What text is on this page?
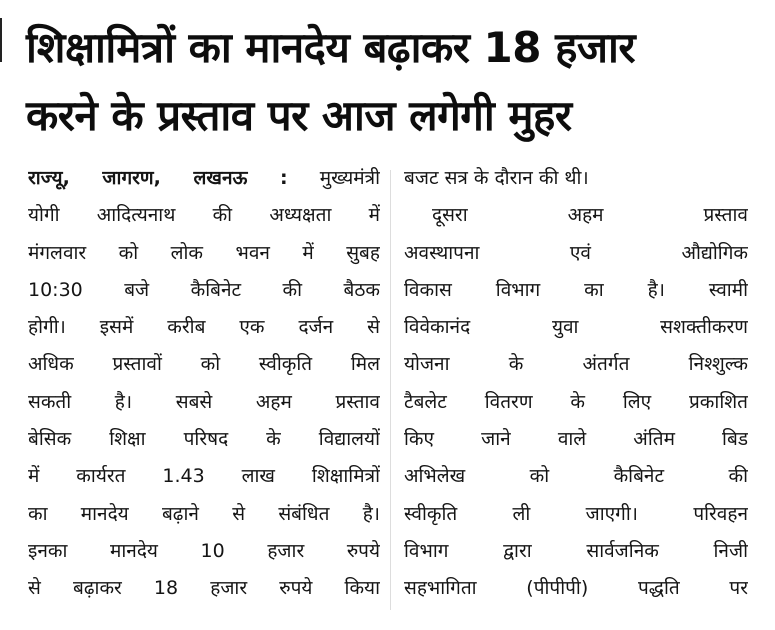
शिक्षामित्रों का मानदेय बढ़ाकर 18 हजार
करने के प्रस्ताव पर आज लगेगी मुहर
राज्यू, जागरण, लखनऊ : मुख्यमंत्री
योगी आदित्यनाथ की अध्यक्षता में
मंगलवार को लोक भवन में सुबह
10:30 बजे कैबिनेट की बैठक
होगी। इसमें करीब एक दर्जन से
अधिक प्रस्तावों को स्वीकृति मिल
सकती है। सबसे अहम प्रस्ताव
बेसिक शिक्षा परिषद के विद्यालयों
में कार्यरत 1.43 लाख शिक्षामित्रों
का मानदेय बढ़ाने से संबंधित है।
इनका मानदेय 10 हजार रुपये
से बढ़ाकर 18 हजार रुपये किया
बजट सत्र के दौरान की थी।
दूसरा अहम प्रस्ताव
अवस्थापना एवं औद्योगिक
विकास विभाग का है। स्वामी
विवेकानंद युवा सशक्तीकरण
योजना के अंतर्गत निश्शुल्क
टैबलेट वितरण के लिए प्रकाशित
किए जाने वाले अंतिम बिड
अभिलेख को कैबिनेट की
स्वीकृति ली जाएगी। परिवहन
विभाग द्वारा सार्वजनिक निजी
सहभागिता (पीपीपी) पद्धति पर
